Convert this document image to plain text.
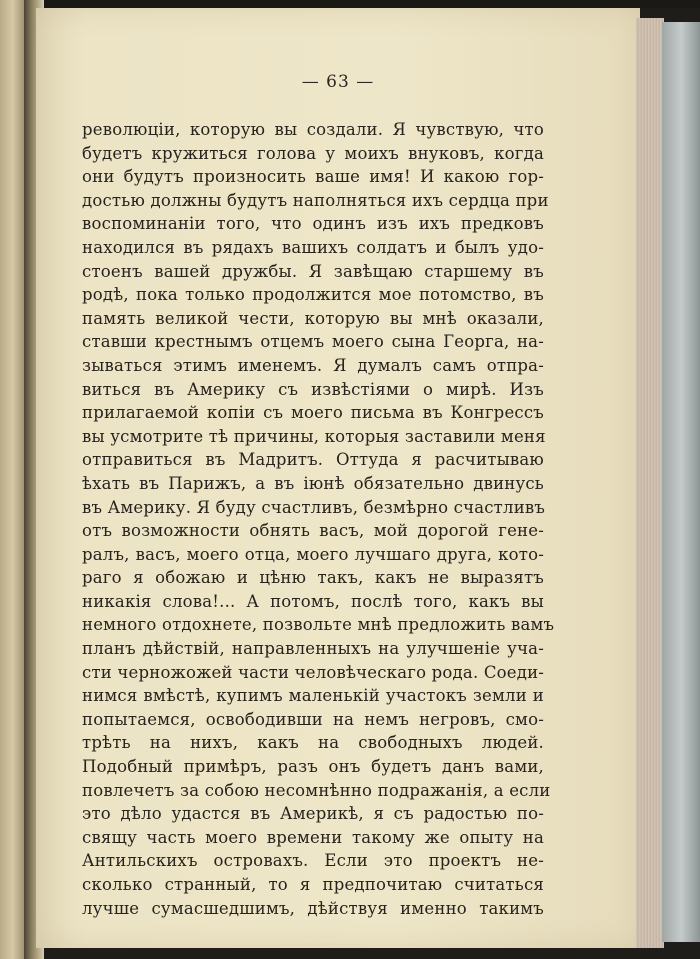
— 63 —
революціи, которую вы создали. Я чувствую, что
будетъ кружиться голова у моихъ внуковъ, когда
они будутъ произносить ваше имя! И какою гор-
достью должны будутъ наполняться ихъ сердца при
воспоминаніи того, что одинъ изъ ихъ предковъ
находился въ рядахъ вашихъ солдатъ и былъ удо-
стоенъ вашей дружбы. Я завѣщаю старшему въ
родѣ, пока только продолжится мое потомство, въ
память великой чести, которую вы мнѣ оказали,
ставши крестнымъ отцемъ моего сына Георга, на-
зываться этимъ именемъ. Я думалъ самъ отпра-
виться въ Америку съ извѣстіями о мирѣ. Изъ
прилагаемой копіи съ моего письма въ Конгрессъ
вы усмотрите тѣ причины, которыя заставили меня
отправиться въ Мадритъ. Оттуда я расчитываю
ѣхать въ Парижъ, а въ іюнѣ обязательно двинусь
въ Америку. Я буду счастливъ, безмѣрно счастливъ
отъ возможности обнять васъ, мой дорогой гене-
ралъ, васъ, моего отца, моего лучшаго друга, кото-
раго я обожаю и цѣню такъ, какъ не выразятъ
никакія слова!... А потомъ, послѣ того, какъ вы
немного отдохнете, позвольте мнѣ предложить вамъ
планъ дѣйствій, направленныхъ на улучшеніе уча-
сти черножожей части человѣческаго рода. Соеди-
нимся вмѣстѣ, купимъ маленькій участокъ земли и
попытаемся, освободивши на немъ негровъ, смо-
трѣть на нихъ, какъ на свободныхъ людей.
Подобный примѣръ, разъ онъ будетъ данъ вами,
повлечетъ за собою несомнѣнно подражанія, а если
это дѣло удастся въ Америкѣ, я съ радостью по-
свящу часть моего времени такому же опыту на
Антильскихъ островахъ. Если это проектъ не-
сколько странный, то я предпочитаю считаться
лучше сумасшедшимъ, дѣйствуя именно такимъ
